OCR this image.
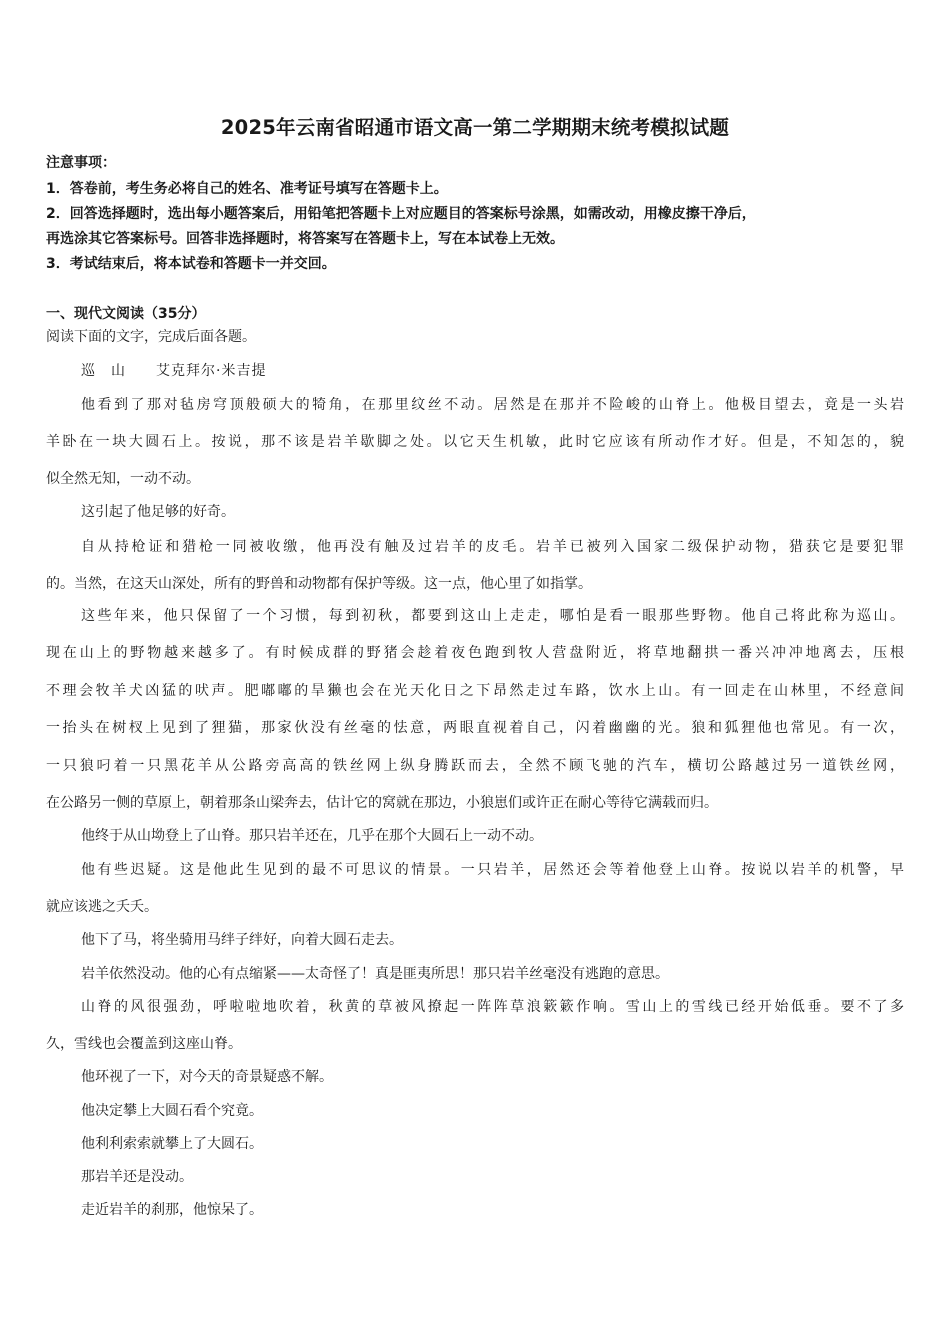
2025年云南省昭通市语文高一第二学期期末统考模拟试题
注意事项：
1．答卷前，考生务必将自己的姓名、准考证号填写在答题卡上。
2．回答选择题时，选出每小题答案后，用铅笔把答题卡上对应题目的答案标号涂黑，如需改动，用橡皮擦干净后，
再选涂其它答案标号。回答非选择题时，将答案写在答题卡上，写在本试卷上无效。
3．考试结束后，将本试卷和答题卡一并交回。
一、现代文阅读（35分）
阅读下面的文字，完成后面各题。
巡　山　　艾克拜尔·米吉提
他看到了那对毡房穹顶般硕大的犄角，在那里纹丝不动。居然是在那并不险峻的山脊上。他极目望去，竟是一头岩
羊卧在一块大圆石上。按说，那不该是岩羊歇脚之处。以它天生机敏，此时它应该有所动作才好。但是，不知怎的，貌
似全然无知，一动不动。
这引起了他足够的好奇。
自从持枪证和猎枪一同被收缴，他再没有触及过岩羊的皮毛。岩羊已被列入国家二级保护动物，猎获它是要犯罪
的。当然，在这天山深处，所有的野兽和动物都有保护等级。这一点，他心里了如指掌。
这些年来，他只保留了一个习惯，每到初秋，都要到这山上走走，哪怕是看一眼那些野物。他自己将此称为巡山。
现在山上的野物越来越多了。有时候成群的野猪会趁着夜色跑到牧人营盘附近，将草地翻拱一番兴冲冲地离去，压根
不理会牧羊犬凶猛的吠声。肥嘟嘟的旱獭也会在光天化日之下昂然走过车路，饮水上山。有一回走在山林里，不经意间
一抬头在树杈上见到了狸猫，那家伙没有丝毫的怯意，两眼直视着自己，闪着幽幽的光。狼和狐狸他也常见。有一次，
一只狼叼着一只黑花羊从公路旁高高的铁丝网上纵身腾跃而去，全然不顾飞驰的汽车，横切公路越过另一道铁丝网，
在公路另一侧的草原上，朝着那条山梁奔去，估计它的窝就在那边，小狼崽们或许正在耐心等待它满载而归。
他终于从山坳登上了山脊。那只岩羊还在，几乎在那个大圆石上一动不动。
他有些迟疑。这是他此生见到的最不可思议的情景。一只岩羊，居然还会等着他登上山脊。按说以岩羊的机警，早
就应该逃之夭夭。
他下了马，将坐骑用马绊子绊好，向着大圆石走去。
岩羊依然没动。他的心有点缩紧——太奇怪了！真是匪夷所思！那只岩羊丝毫没有逃跑的意思。
山脊的风很强劲，呼啦啦地吹着，秋黄的草被风撩起一阵阵草浪簌簌作响。雪山上的雪线已经开始低垂。要不了多
久，雪线也会覆盖到这座山脊。
他环视了一下，对今天的奇景疑惑不解。
他决定攀上大圆石看个究竟。
他利利索索就攀上了大圆石。
那岩羊还是没动。
走近岩羊的刹那，他惊呆了。
